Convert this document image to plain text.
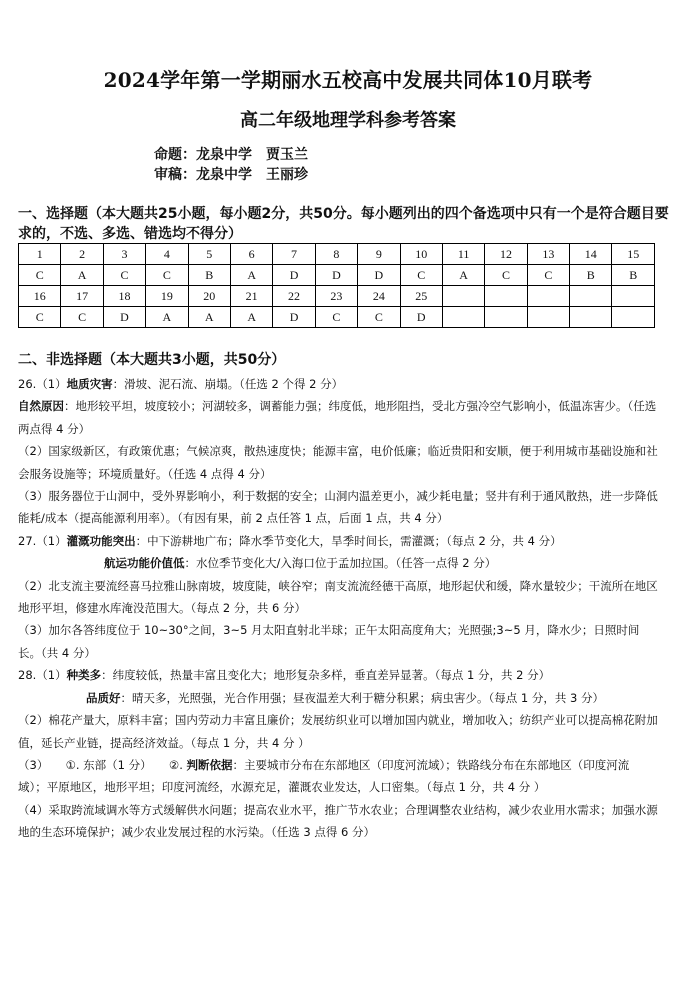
2024学年第一学期丽水五校高中发展共同体10月联考
高二年级地理学科参考答案
命题：龙泉中学　贾玉兰
审稿：龙泉中学　王丽珍
一、选择题（本大题共25小题，每小题2分，共50分。每小题列出的四个备选项中只有一个是符合题目要求的，不选、多选、错选均不得分）
1	2	3	4	5	6	7	8	9	10	11	12	13	14	15
C	A	C	C	B	A	D	D	D	C	A	C	C	B	B
16	17	18	19	20	21	22	23	24	25					
C	C	D	A	A	A	D	C	C	D					
二、非选择题（本大题共3小题，共50分）

26.（1）地质灾害：滑坡、泥石流、崩塌。（任选 2 个得 2 分）

自然原因：地形较平坦，坡度较小；河湖较多，调蓄能力强；纬度低，地形阻挡，受北方强冷空气影响小，低温冻害少。（任选两点得 4 分）

（2）国家级新区，有政策优惠；气候凉爽，散热速度快；能源丰富，电价低廉；临近贵阳和安顺，便于利用城市基础设施和社会服务设施等；环境质量好。（任选 4 点得 4 分）

（3）服务器位于山洞中，受外界影响小，利于数据的安全；山洞内温差更小，减少耗电量；竖井有利于通风散热，进一步降低能耗/成本（提高能源利用率）。（有因有果，前 2 点任答 1 点，后面 1 点，共 4 分）

27.（1）灌溉功能突出：中下游耕地广布；降水季节变化大，旱季时间长，需灌溉；（每点 2 分，共 4 分）

航运功能价值低：水位季节变化大/入海口位于孟加拉国。（任答一点得 2 分）

（2）北支流主要流经喜马拉雅山脉南坡，坡度陡，峡谷窄；南支流流经德干高原，地形起伏和缓，降水量较少；干流所在地区地形平坦，修建水库淹没范围大。（每点 2 分，共 6 分）

（3）加尔各答纬度位于 10~30°之间，3~5 月太阳直射北半球；正午太阳高度角大；光照强;3~5 月，降水少；日照时间长。（共 4 分）

28.（1）种类多：纬度较低，热量丰富且变化大；地形复杂多样，垂直差异显著。（每点 1 分，共 2 分）

品质好：晴天多，光照强，光合作用强；昼夜温差大利于糖分积累；病虫害少。（每点 1 分，共 3 分）

（2）棉花产量大，原料丰富；国内劳动力丰富且廉价；发展纺织业可以增加国内就业，增加收入；纺织产业可以提高棉花附加值，延长产业链，提高经济效益。（每点 1 分，共 4 分 ）

（3）　　①. 东部（1 分）　　②. 判断依据：主要城市分布在东部地区（印度河流域）；铁路线分布在东部地区（印度河流域）；平原地区，地形平坦；印度河流经，水源充足，灌溉农业发达，人口密集。（每点 1 分，共 4 分 ）

（4）采取跨流域调水等方式缓解供水问题；提高农业水平，推广节水农业；合理调整农业结构，减少农业用水需求；加强水源地的生态环境保护；减少农业发展过程的水污染。（任选 3 点得 6 分）
